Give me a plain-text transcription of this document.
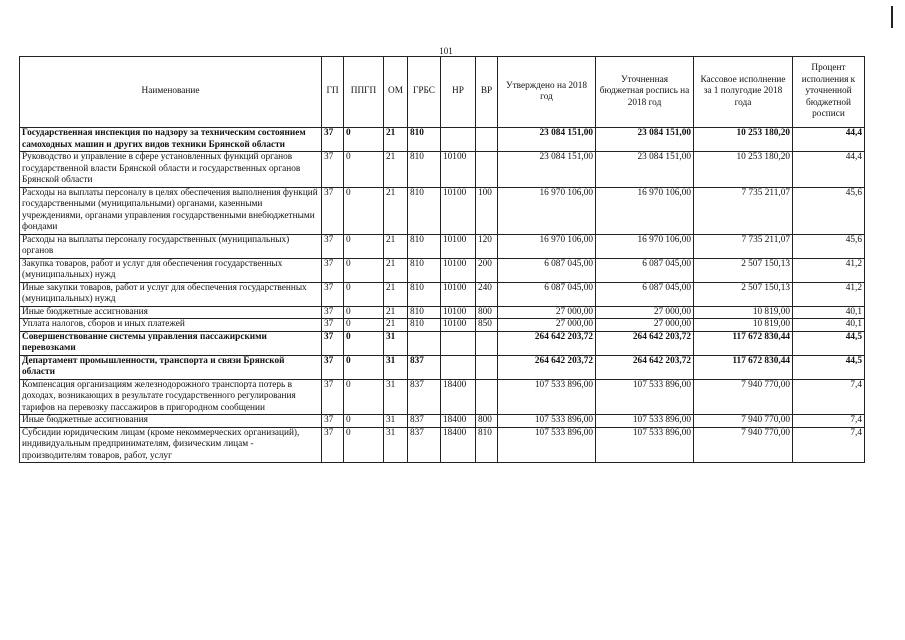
101
Наименование	ГП	ППГП	ОМ	ГРБС	НР	ВР	Утверждено на 2018 год	Уточненная бюджетная роспись на 2018 год	Кассовое исполнение за 1 полугодие 2018 года	Процент исполнения к уточненной бюджетной росписи
Государственная инспекция по надзору за техническим состоянием самоходных машин и других видов техники Брянской области	37	0	21	810			23 084 151,00	23 084 151,00	10 253 180,20	44,4
Руководство и управление в сфере установленных функций органов государственной власти Брянской области и государственных органов Брянской области	37	0	21	810	10100		23 084 151,00	23 084 151,00	10 253 180,20	44,4
Расходы на выплаты персоналу в целях обеспечения выполнения функций государственными (муниципальными) органами, казенными учреждениями, органами управления государственными внебюджетными фондами	37	0	21	810	10100	100	16 970 106,00	16 970 106,00	7 735 211,07	45,6
Расходы на выплаты персоналу государственных (муниципальных) органов	37	0	21	810	10100	120	16 970 106,00	16 970 106,00	7 735 211,07	45,6
Закупка товаров, работ и услуг для обеспечения государственных (муниципальных) нужд	37	0	21	810	10100	200	6 087 045,00	6 087 045,00	2 507 150,13	41,2
Иные закупки товаров, работ и услуг для обеспечения государственных (муниципальных) нужд	37	0	21	810	10100	240	6 087 045,00	6 087 045,00	2 507 150,13	41,2
Иные бюджетные ассигнования	37	0	21	810	10100	800	27 000,00	27 000,00	10 819,00	40,1
Уплата налогов, сборов и иных платежей	37	0	21	810	10100	850	27 000,00	27 000,00	10 819,00	40,1
Совершенствование системы управления пассажирскими перевозками	37	0	31				264 642 203,72	264 642 203,72	117 672 830,44	44,5
Департамент промышленности, транспорта и связи Брянской области	37	0	31	837			264 642 203,72	264 642 203,72	117 672 830,44	44,5
Компенсация организациям железнодорожного транспорта потерь в доходах, возникающих в результате государственного регулирования тарифов на перевозку пассажиров в пригородном сообщении	37	0	31	837	18400		107 533 896,00	107 533 896,00	7 940 770,00	7,4
Иные бюджетные ассигнования	37	0	31	837	18400	800	107 533 896,00	107 533 896,00	7 940 770,00	7,4
Субсидии юридическим лицам (кроме некоммерческих организаций), индивидуальным предпринимателям, физическим лицам - производителям товаров, работ, услуг	37	0	31	837	18400	810	107 533 896,00	107 533 896,00	7 940 770,00	7,4
